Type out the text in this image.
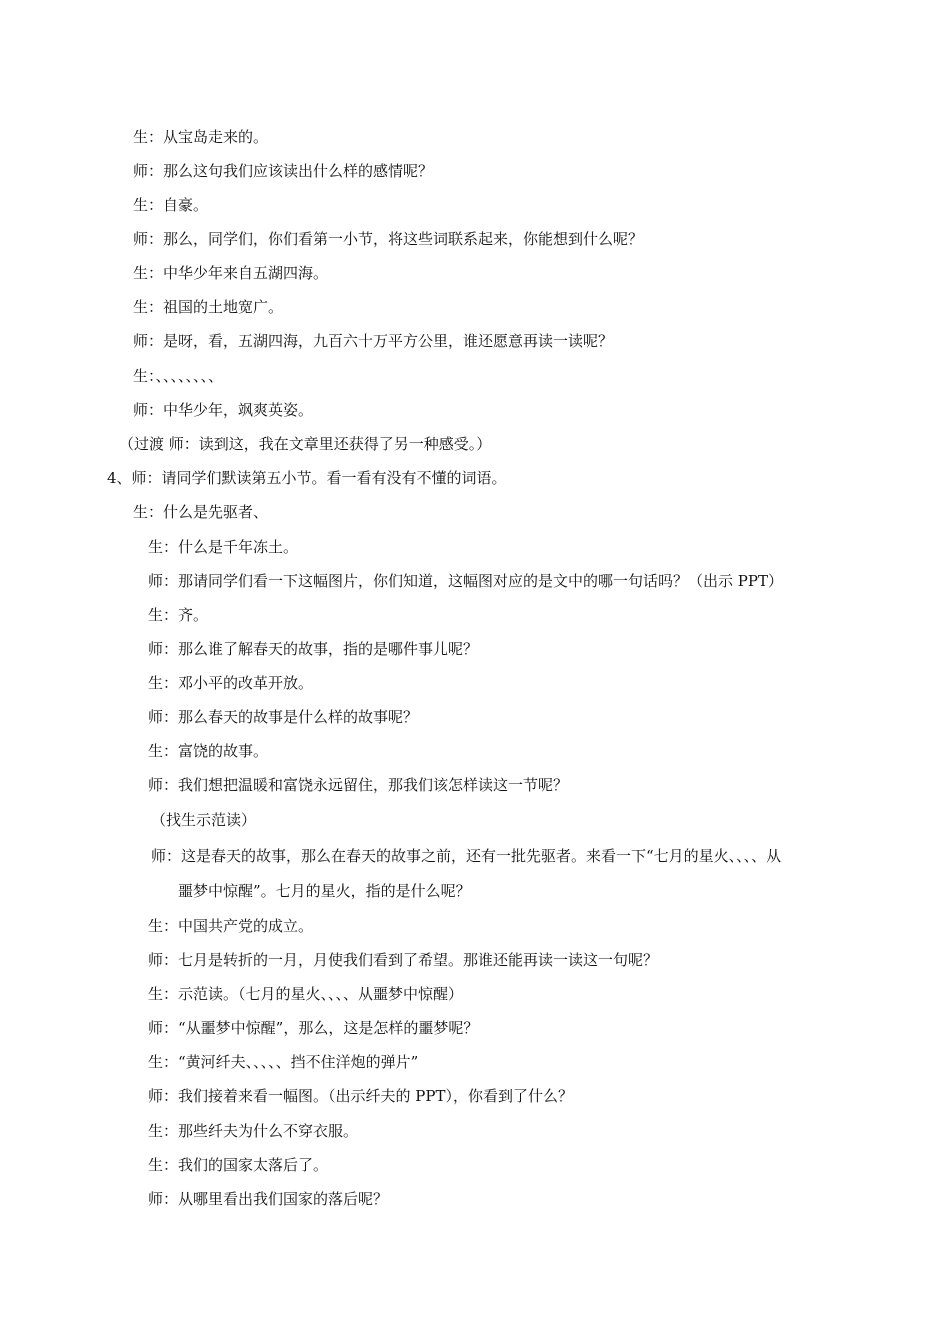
生：从宝岛走来的。
师：那么这句我们应该读出什么样的感情呢？
生：自豪。
师：那么，同学们，你们看第一小节，将这些词联系起来，你能想到什么呢？
生：中华少年来自五湖四海。
生：祖国的土地宽广。
师：是呀，看，五湖四海，九百六十万平方公里，谁还愿意再读一读呢？
生：、、、、、、、、
师：中华少年，飒爽英姿。
（过渡 师：读到这，我在文章里还获得了另一种感受。）
4、师：请同学们默读第五小节。看一看有没有不懂的词语。
生：什么是先驱者、
生：什么是千年冻土。
师：那请同学们看一下这幅图片，你们知道，这幅图对应的是文中的哪一句话吗？（出示 PPT）
生：齐。
师：那么谁了解春天的故事，指的是哪件事儿呢？
生：邓小平的改革开放。
师：那么春天的故事是什么样的故事呢？
生：富饶的故事。
师：我们想把温暖和富饶永远留住，那我们该怎样读这一节呢？
（找生示范读）
师：这是春天的故事，那么在春天的故事之前，还有一批先驱者。来看一下“七月的星火、、、、从
噩梦中惊醒”。七月的星火，指的是什么呢？
生：中国共产党的成立。
师：七月是转折的一月，月使我们看到了希望。那谁还能再读一读这一句呢？
生：示范读。（七月的星火、、、、从噩梦中惊醒）
师：“从噩梦中惊醒”，那么，这是怎样的噩梦呢？
生：“黄河纤夫、、、、、挡不住洋炮的弹片”
师：我们接着来看一幅图。（出示纤夫的 PPT），你看到了什么？
生：那些纤夫为什么不穿衣服。
生：我们的国家太落后了。
师：从哪里看出我们国家的落后呢？
